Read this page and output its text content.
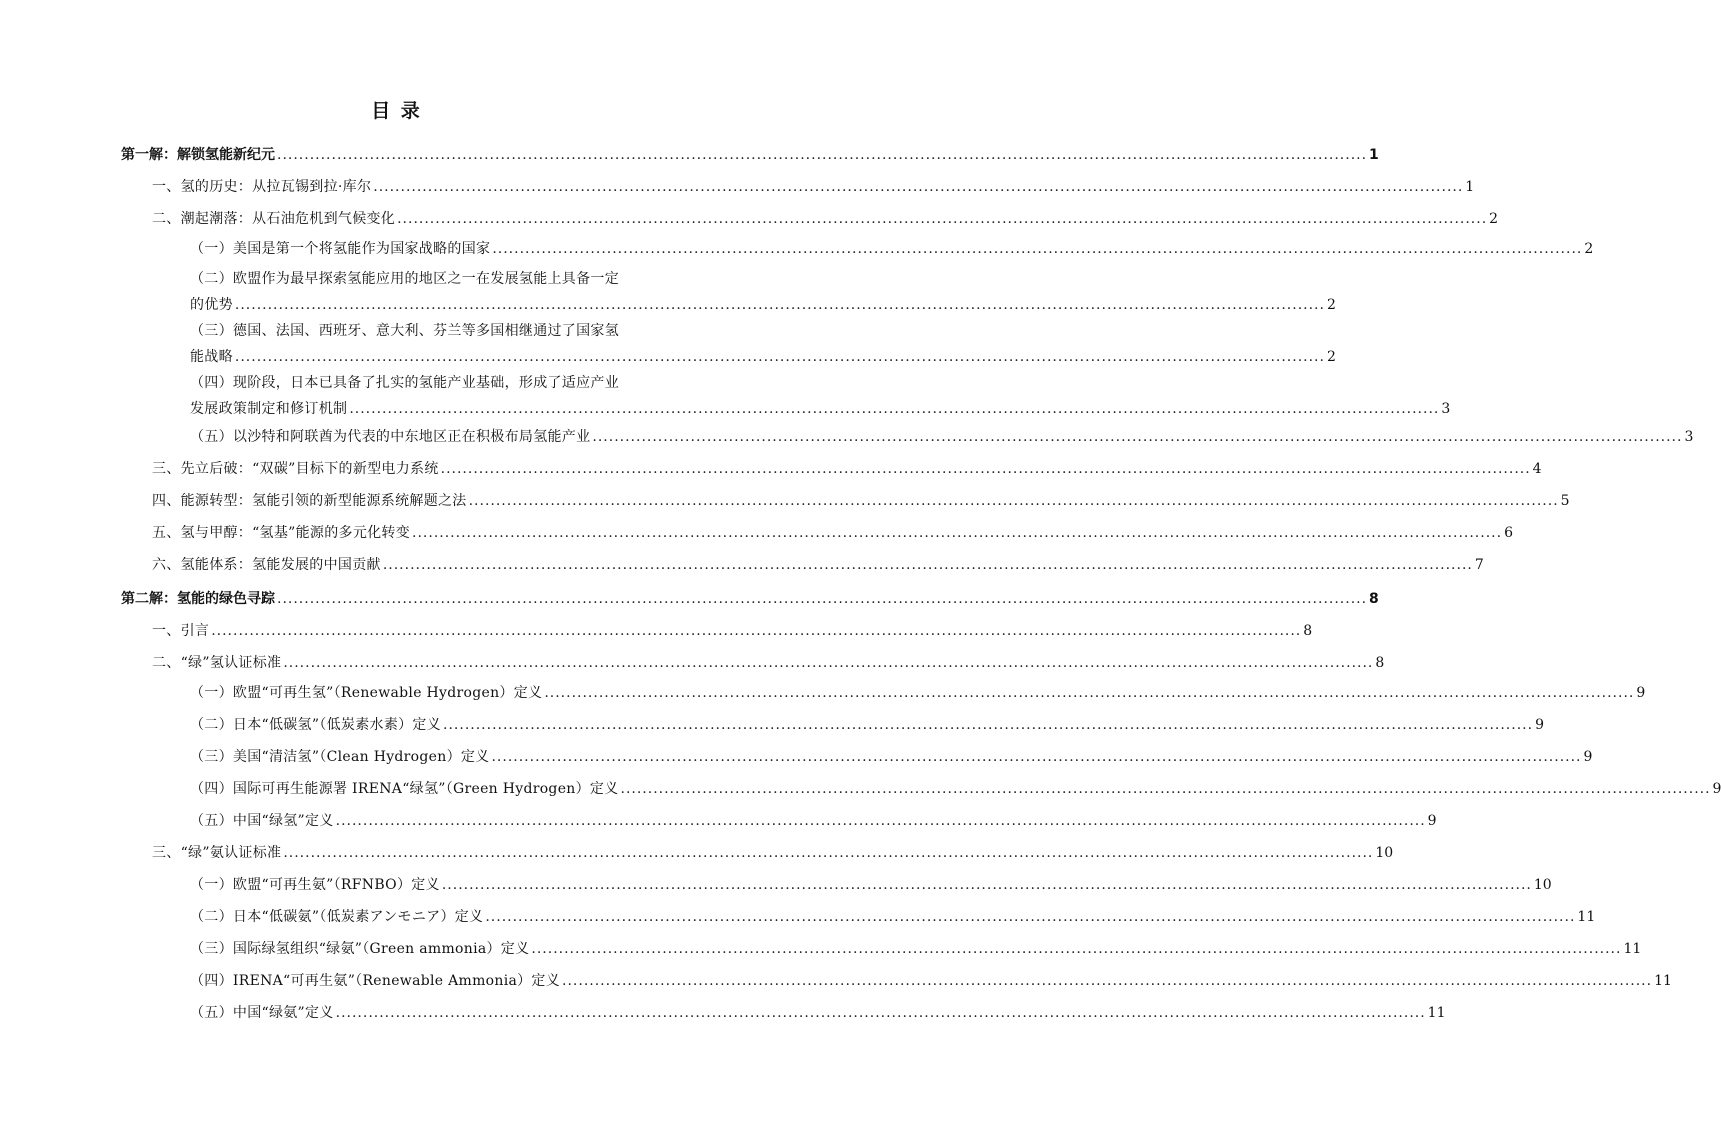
目 录
第一解：解锁氢能新纪元 .....	1
一、氢的历史：从拉瓦锡到拉·库尔 .....	1
二、潮起潮落：从石油危机到气候变化 .....	2
（一）美国是第一个将氢能作为国家战略的国家 .....	2
（二）欧盟作为最早探索氢能应用的地区之一在发展氢能上具备一定
的优势 .....	2
（三）德国、法国、西班牙、意大利、芬兰等多国相继通过了国家氢
能战略 .....	2
（四）现阶段，日本已具备了扎实的氢能产业基础，形成了适应产业
发展政策制定和修订机制 .....	3
（五）以沙特和阿联酋为代表的中东地区正在积极布局氢能产业 .....	3
三、先立后破：“双碳”目标下的新型电力系统 .....	4
四、能源转型：氢能引领的新型能源系统解题之法 .....	5
五、氢与甲醇：“氢基”能源的多元化转变 .....	6
六、氢能体系：氢能发展的中国贡献 .....	7
第二解：氢能的绿色寻踪 .....	8
一、引言 .....	8
二、“绿”氢认证标准 .....	8
（一）欧盟“可再生氢”（Renewable Hydrogen）定义 .....	9
（二）日本“低碳氢”（低炭素水素）定义 .....	9
（三）美国“清洁氢”（Clean Hydrogen）定义 .....	9
（四）国际可再生能源署 IRENA“绿氢”（Green Hydrogen）定义 .....	9
（五）中国“绿氢”定义 .....	9
三、“绿”氨认证标准 .....	10
（一）欧盟“可再生氨”（RFNBO）定义 .....	10
（二）日本“低碳氨”（低炭素アンモニア）定义 .....	11
（三）国际绿氢组织“绿氨”（Green ammonia）定义 .....	11
（四）IRENA“可再生氨”（Renewable Ammonia）定义 .....	11
（五）中国“绿氨”定义 .....	11
